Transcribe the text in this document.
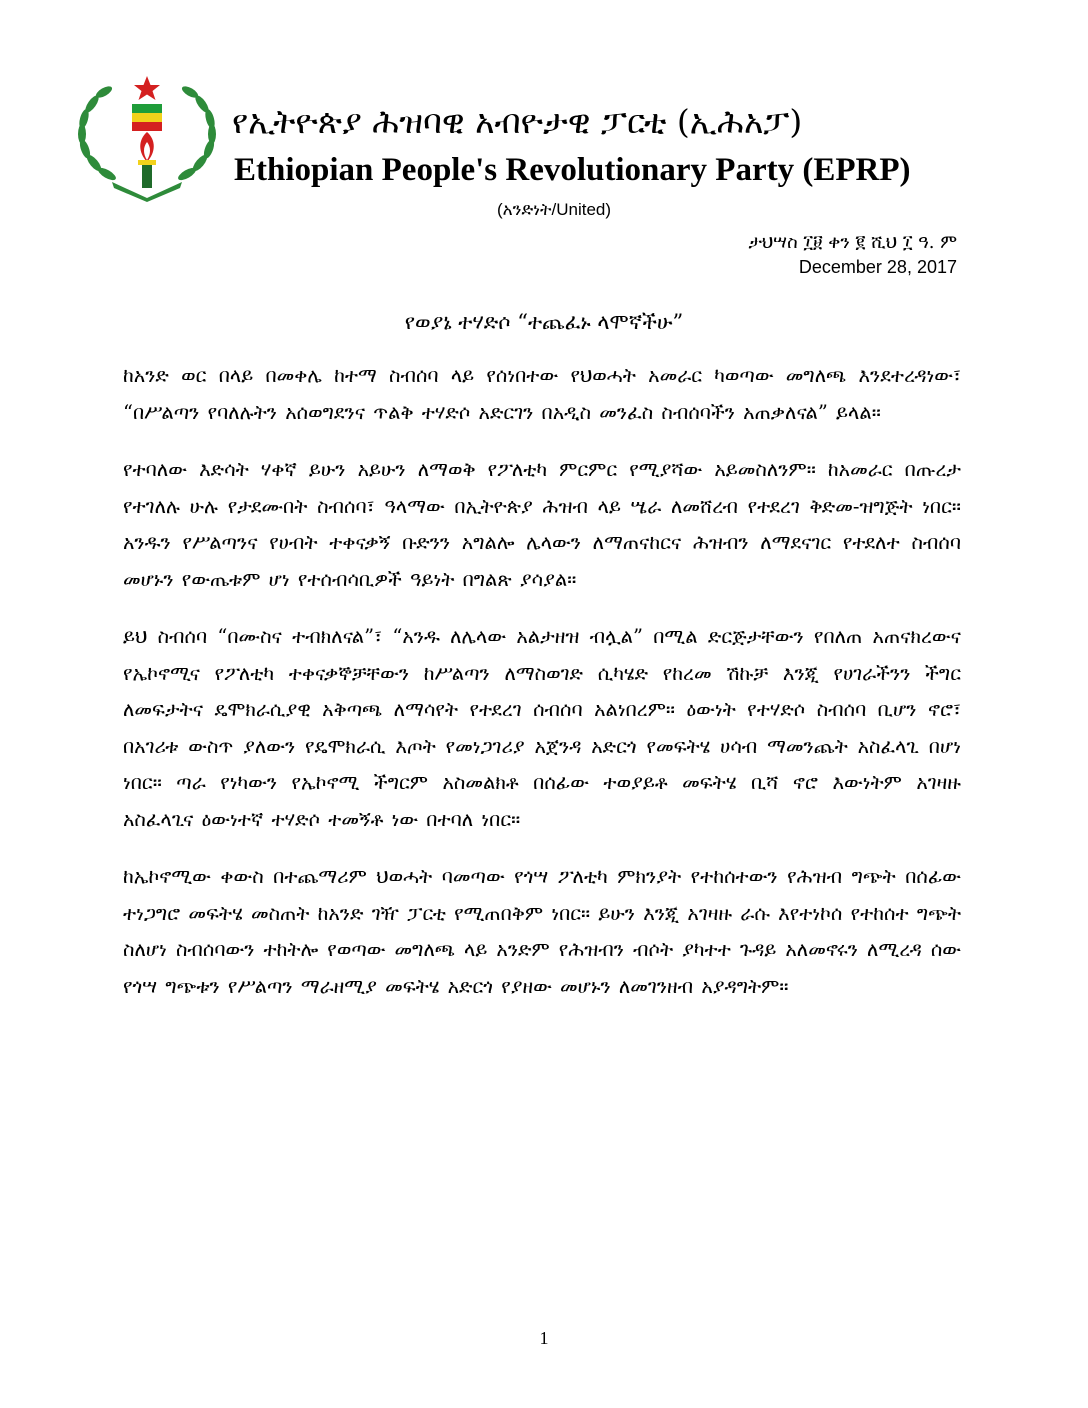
የኢትዮጵያ ሕዝባዊ አብዮታዊ ፓርቲ (ኢሕአፓ)
Ethiopian People's Revolutionary Party (EPRP)
(አንድነት/United)
ታህሣስ ፲፱ ቀን ፪ ሺህ ፲ ዓ. ም
December 28, 2017
የወያኔ ተሃድሶ “ተጨፈኑ ላሞኛችሁ”

ከአንድ ወር በላይ በመቀሌ ከተማ ስብሰባ ላይ የሰነበተው የህወሓት አመራር ካወጣው መግለጫ እንደተረዳነው፣ “በሥልጣን የባለሉትን አሰወግደንና ጥልቅ ተሃድሶ አድርገን በአዲስ መንፈስ ስብሰባችን አጠቃለናል” ይላል።

የተባለው እድሳት ሃቀኛ ይሁን አይሁን ለማወቅ የፖለቲካ ምርምር የሚያሻው አይመስለንም። ከአመራር በጡረታ የተገለሉ ሁሉ የታደሙበት ስብሰባ፣ ዓላማው በኢትዮጵያ ሕዝብ ላይ ሤራ ለመሸረብ የተደረገ ቅድመ-ዝግጅት ነበር። አንዱን የሥልጣንና የሀብት ተቀናቃኝ ቡድንን አግልሎ ሌላውን ለማጠናከርና ሕዝብን ለማደናገር የተደለተ ስብሰባ መሆኑን የውጤቱም ሆነ የተሰብሳቢዎች ዓይነት በግልጽ ያሳያል።

ይህ ስብሰባ “በሙስና ተብክለናል”፣ “አንዱ ለሌላው አልታዘዝ ብሏል” በሚል ድርጅታቸውን የበለጠ አጠናክረውና የኤኮኖሚና የፖለቲካ ተቀናቃኞቻቸውን ከሥልጣን ለማስወገድ ሲካሄድ የከረመ ሽኩቻ እንጂ የሀገራችንን ችግር ለመፍታትና ዴሞክራሲያዊ አቅጣጫ ለማሳየት የተደረገ ሰብሰባ አልነበረም። ዕውነት የተሃድሶ ስብሰባ ቢሆን ኖሮ፣ በአገሪቱ ውስጥ ያለውን የዴሞክራሲ እጦት የመነጋገሪያ አጀንዳ አድርጎ የመፍትሄ ሀሳብ ማመንጨት አስፈላጊ በሆነ ነበር። ጣራ የነካውን የኤኮኖሚ ችግርም አስመልክቶ በሰፊው ተወያይቶ መፍትሄ ቢሻ ኖሮ እውነትም አገዛዙ አስፈላጊና ዕውነተኛ ተሃድሶ ተመኝቶ ነው በተባለ ነበር።

ከኤኮኖሚው ቀውስ በተጨማሪም ህወሓት ባመጣው የጎሣ ፖለቲካ ምክንያት የተከሰተውን የሕዝብ ግጭት በሰፊው ተነጋግሮ መፍትሄ መስጠት ከአንድ ገዥ ፓርቲ የሚጠበቅም ነበር። ይሁን እንጂ አገዛዙ ራሱ እየተነኮሰ የተከሰተ ግጭት ስለሆነ ስብሰባውን ተከትሎ የወጣው መግለጫ ላይ አንድም የሕዝብን ብሶት ያካተተ ጉዳይ አለመኖሩን ለሚረዳ ሰው የጎሣ ግጭቱን የሥልጣን ማራዘሚያ መፍትሄ አድርጎ የያዘው መሆኑን ለመገንዘብ አያዳግትም።

1
